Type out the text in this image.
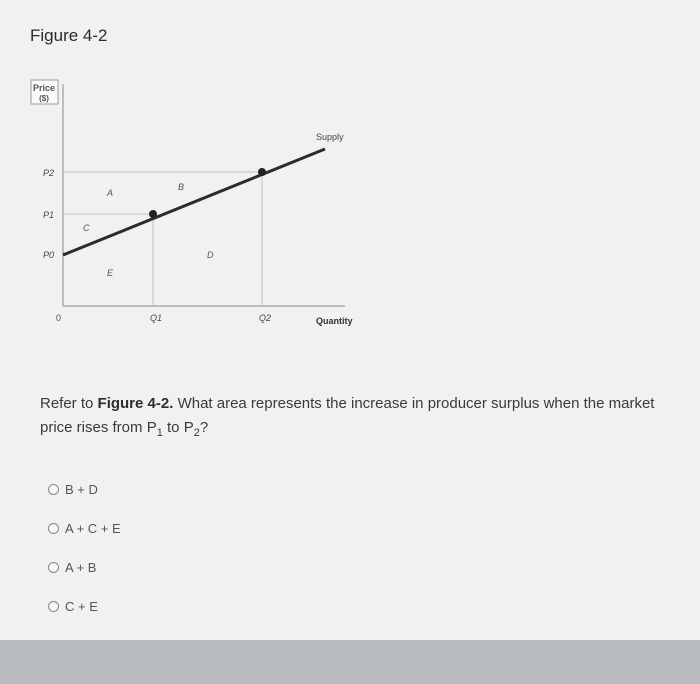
Figure 4-2
Price
($)
Supply
P2
P1
P0
A
B
C
D
E
0	Q1	Q2	Quantity
Refer to Figure 4-2. What area represents the increase in producer surplus when the market price rises from $P_1$ to $P_2$?
B + D
A + C + E
A + B
C + E
